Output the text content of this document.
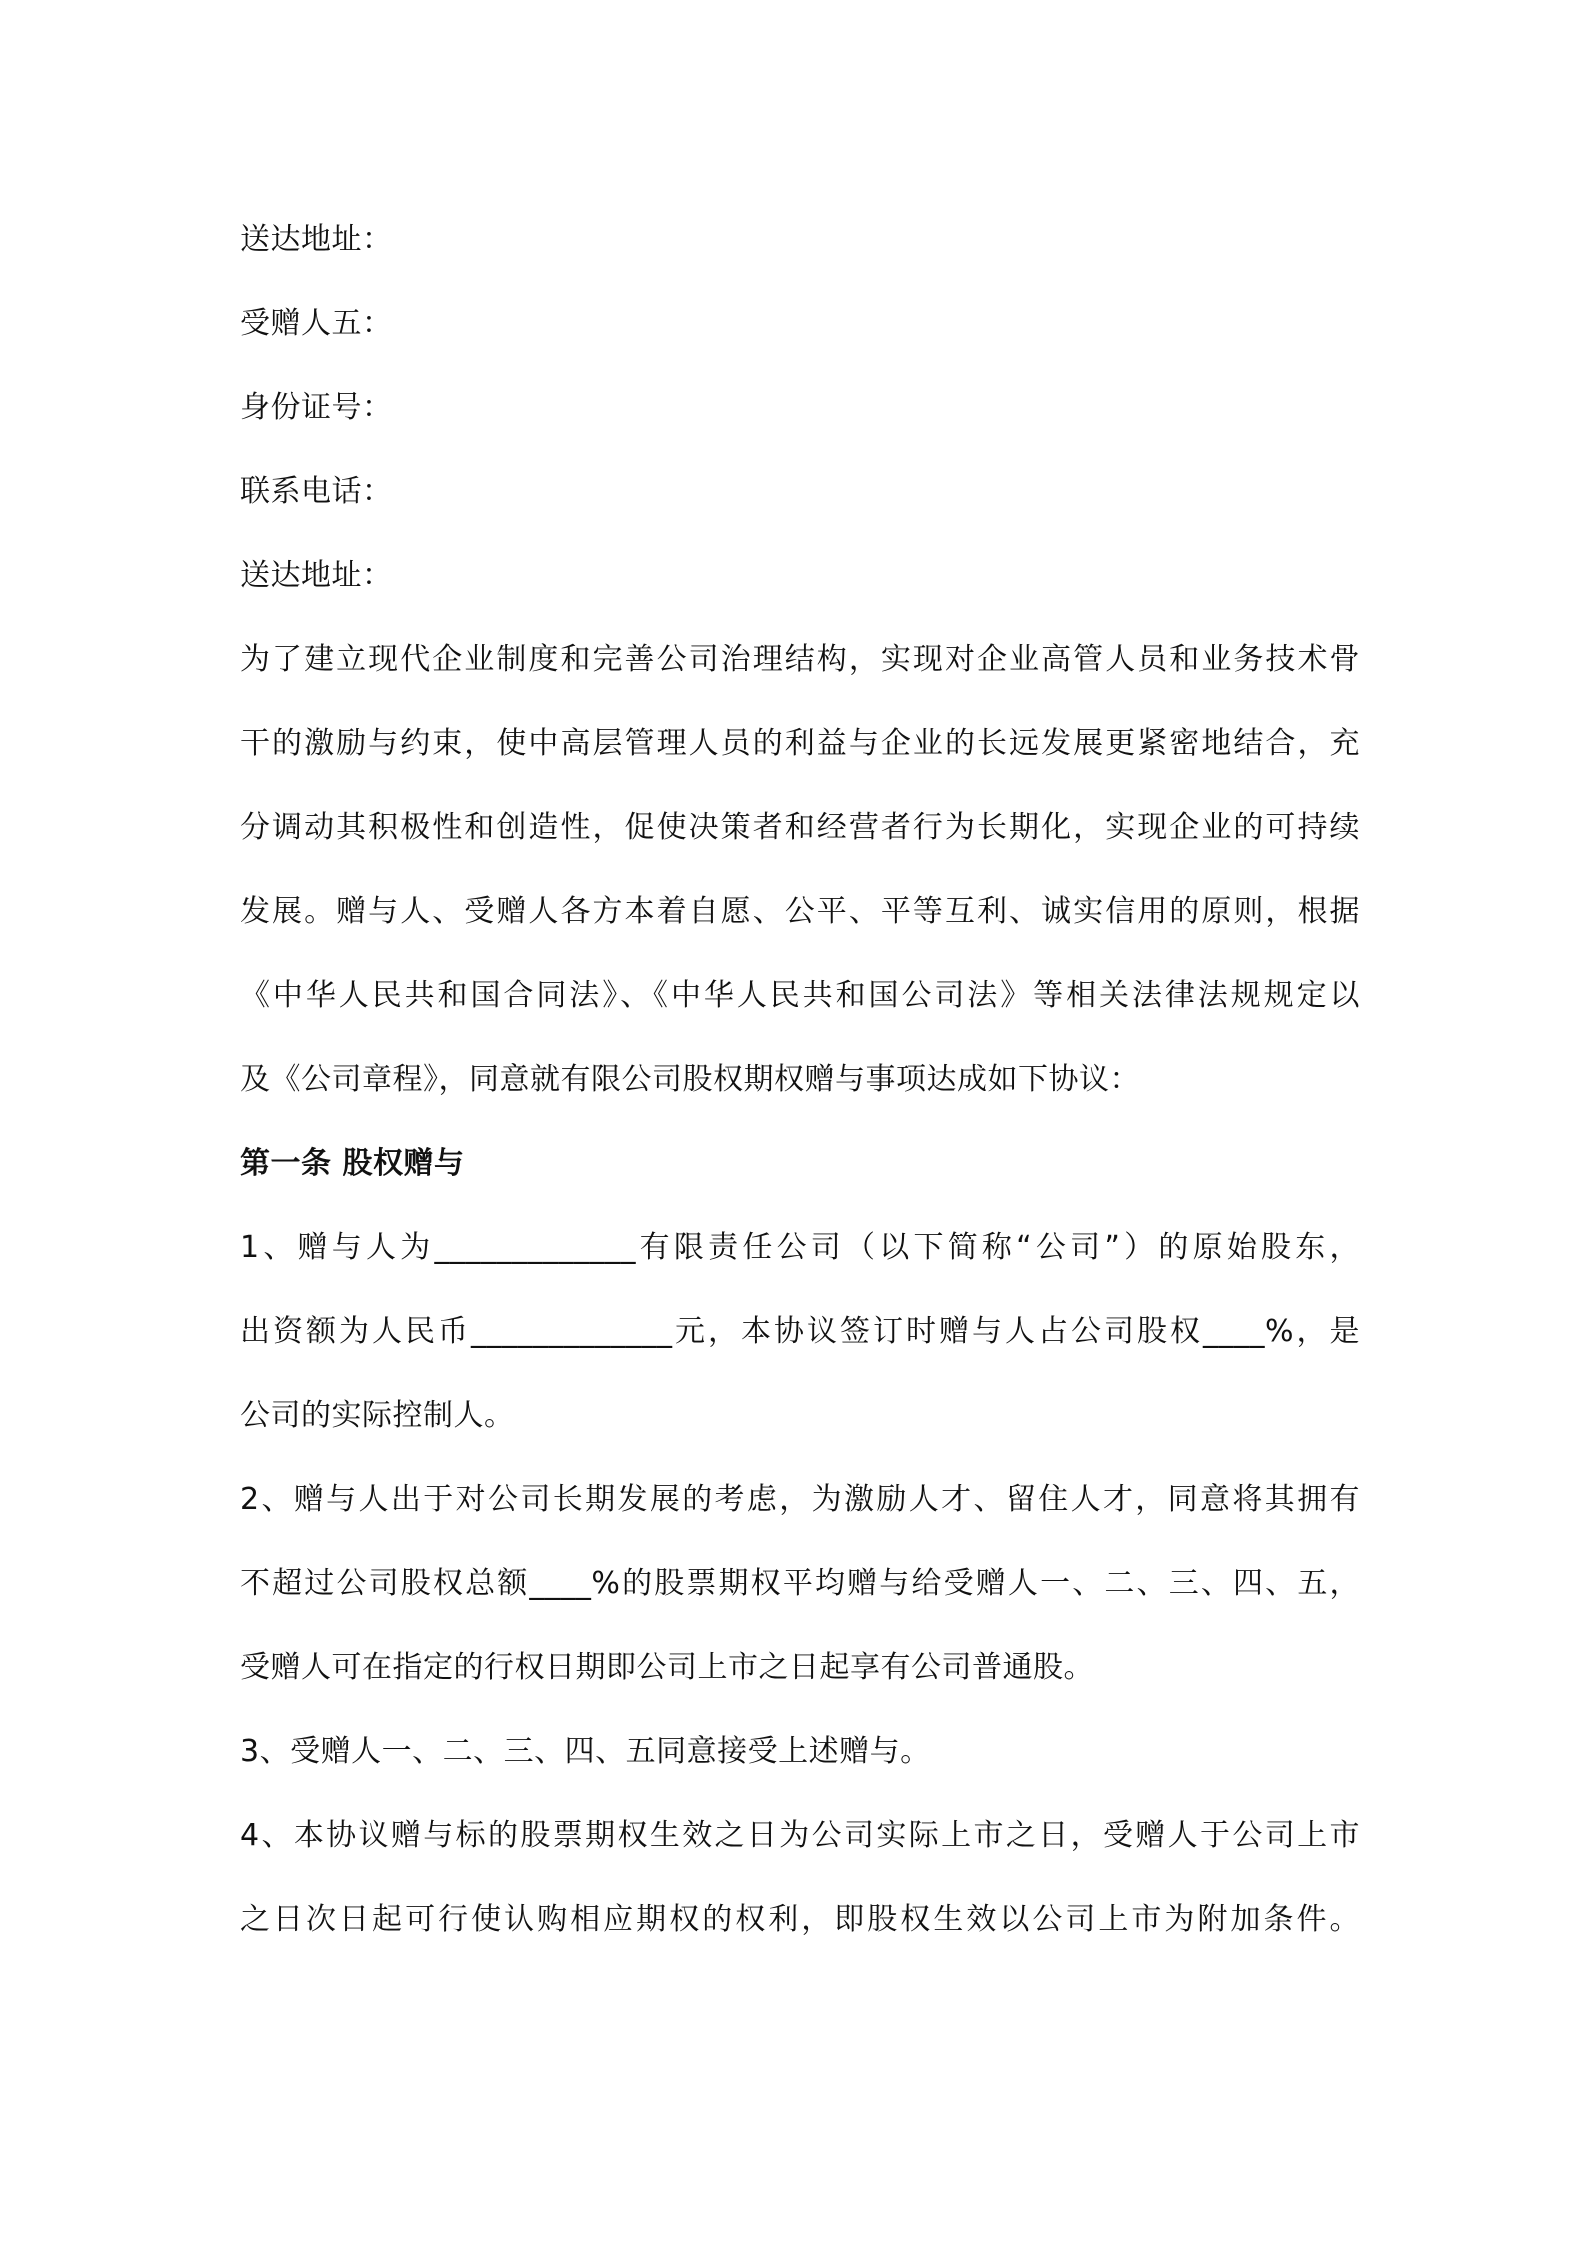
送达地址：
受赠人五：
身份证号：
联系电话：
送达地址：
为了建立现代企业制度和完善公司治理结构，实现对企业高管人员和业务技术骨
干的激励与约束，使中高层管理人员的利益与企业的长远发展更紧密地结合，充
分调动其积极性和创造性，促使决策者和经营者行为长期化，实现企业的可持续
发展。赠与人、受赠人各方本着自愿、公平、平等互利、诚实信用的原则，根据
《中华人民共和国合同法》、《中华人民共和国公司法》等相关法律法规规定以
及《公司章程》，同意就有限公司股权期权赠与事项达成如下协议：
第一条 股权赠与
1、赠与人为_____________有限责任公司（以下简称“公司”）的原始股东，
出资额为人民币_____________元，本协议签订时赠与人占公司股权____%，是
公司的实际控制人。
2、赠与人出于对公司长期发展的考虑，为激励人才、留住人才，同意将其拥有
不超过公司股权总额____%的股票期权平均赠与给受赠人一、二、三、四、五，
受赠人可在指定的行权日期即公司上市之日起享有公司普通股。
3、受赠人一、二、三、四、五同意接受上述赠与。
4、本协议赠与标的股票期权生效之日为公司实际上市之日，受赠人于公司上市
之日次日起可行使认购相应期权的权利，即股权生效以公司上市为附加条件。
